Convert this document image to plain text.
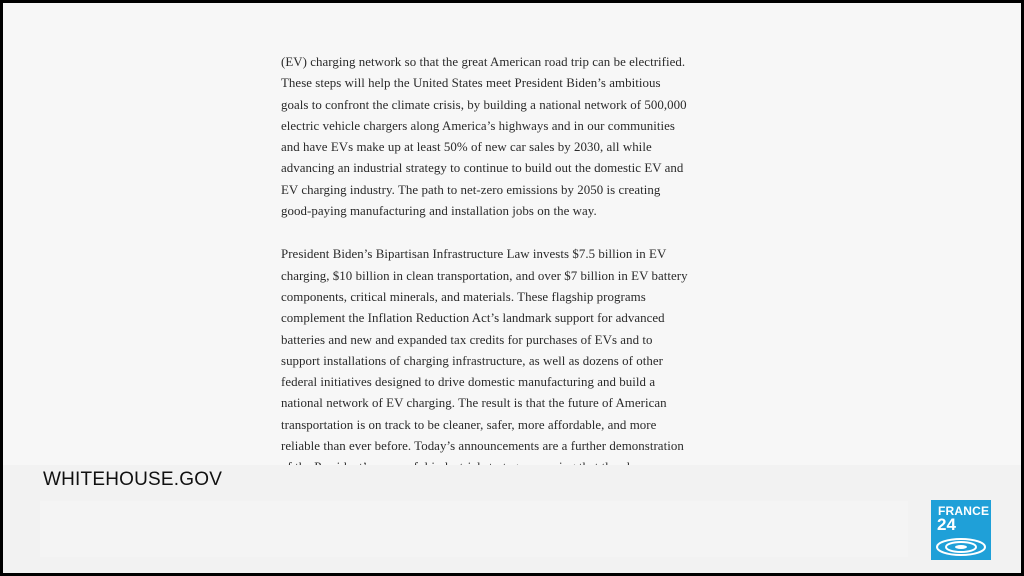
(EV) charging network so that the great American road trip can be electrified.

These steps will help the United States meet President Biden’s ambitious

goals to confront the climate crisis, by building a national network of 500,000

electric vehicle chargers along America’s highways and in our communities

and have EVs make up at least 50% of new car sales by 2030, all while

advancing an industrial strategy to continue to build out the domestic EV and

EV charging industry. The path to net-zero emissions by 2050 is creating

good-paying manufacturing and installation jobs on the way.

President Biden’s Bipartisan Infrastructure Law invests $7.5 billion in EV

charging, $10 billion in clean transportation, and over $7 billion in EV battery

components, critical minerals, and materials. These flagship programs

complement the Inflation Reduction Act’s landmark support for advanced

batteries and new and expanded tax credits for purchases of EVs and to

support installations of charging infrastructure, as well as dozens of other

federal initiatives designed to drive domestic manufacturing and build a

national network of EV charging. The result is that the future of American

transportation is on track to be cleaner, safer, more affordable, and more

reliable than ever before. Today’s announcements are a further demonstration

WHITEHOUSE.GOV
FRANCE
24
